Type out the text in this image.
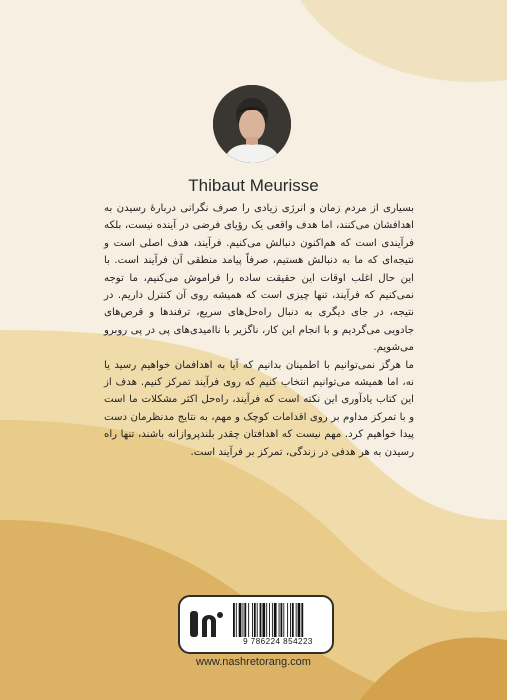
Thibaut Meurisse

بسیاری از مردم زمان و انرژی زیادی را صرف نگرانی دربارهٔ رسیدن به اهدافشان می‌کنند، اما هدف واقعی یک رؤیای فرضی در آینده نیست، بلکه فرآیندی است که هم‌اکنون دنبالش می‌کنیم. فرآیند، هدف اصلی است و نتیجه‌ای که ما به دنبالش هستیم، صرفاً پیامد منطقی آن فرآیند است. با این حال اغلب اوقات این حقیقت ساده را فراموش می‌کنیم، ما توجه نمی‌کنیم که فرآیند، تنها چیزی است که همیشه روی آن کنترل داریم. در نتیجه، در جای دیگری به دنبال راه‌حل‌های سریع، ترفندها و قرص‌های جادویی می‌گردیم و با انجام این کار، ناگزیر با ناامیدی‌های پی در پی روبرو می‌شویم.

ما هرگز نمی‌توانیم با اطمینان بدانیم که آیا به اهدافمان خواهیم رسید یا نه، اما همیشه می‌توانیم انتخاب کنیم که روی فرآیند تمرکز کنیم. هدف از این کتاب یادآوری این نکته است که فرآیند، راه‌حل اکثر مشکلات ما است و با تمرکز مداوم بر روی اقدامات کوچک و مهم، به نتایج مدنظرمان دست پیدا خواهیم کرد. مهم نیست که اهدافتان چقدر بلندپروازانه باشند، تنها راه رسیدن به هر هدفی در زندگی، تمرکز بر فرآیند است.

9 786224 854223
www.nashretorang.com
